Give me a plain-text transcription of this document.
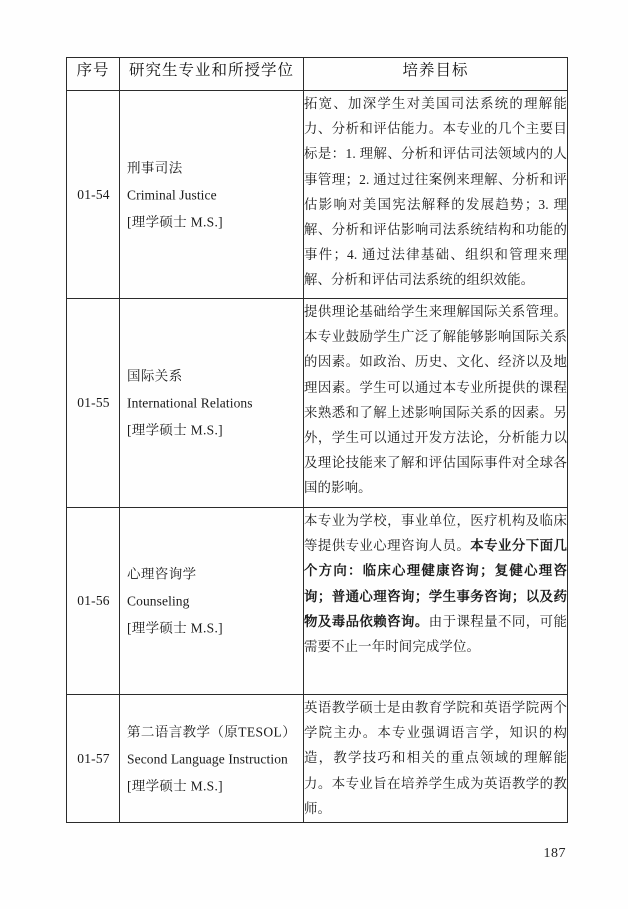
序号	研究生专业和所授学位	培养目标

01-54	刑事司法
Criminal Justice
[理学硕士 M.S.]	拓宽、加深学生对美国司法系统的理解能力、分析和评估能力。本专业的几个主要目标是：1. 理解、分析和评估司法领域内的人事管理；2. 通过过往案例来理解、分析和评估影响对美国宪法解释的发展趋势；3. 理解、分析和评估影响司法系统结构和功能的事件；4. 通过法律基础、组织和管理来理解、分析和评估司法系统的组织效能。

01-55	国际关系
International Relations
[理学硕士 M.S.]	提供理论基础给学生来理解国际关系管理。本专业鼓励学生广泛了解能够影响国际关系的因素。如政治、历史、文化、经济以及地理因素。学生可以通过本专业所提供的课程来熟悉和了解上述影响国际关系的因素。另外，学生可以通过开发方法论，分析能力以及理论技能来了解和评估国际事件对全球各国的影响。

01-56	心理咨询学
Counseling
[理学硕士 M.S.]	本专业为学校，事业单位，医疗机构及临床等提供专业心理咨询人员。本专业分下面几个方向：临床心理健康咨询；复健心理咨询；普通心理咨询；学生事务咨询；以及药物及毒品依赖咨询。由于课程量不同，可能需要不止一年时间完成学位。

01-57	第二语言教学（原TESOL）
Second Language Instruction
[理学硕士 M.S.]	英语教学硕士是由教育学院和英语学院两个学院主办。本专业强调语言学，知识的构造，教学技巧和相关的重点领域的理解能力。本专业旨在培养学生成为英语教学的教师。

187
